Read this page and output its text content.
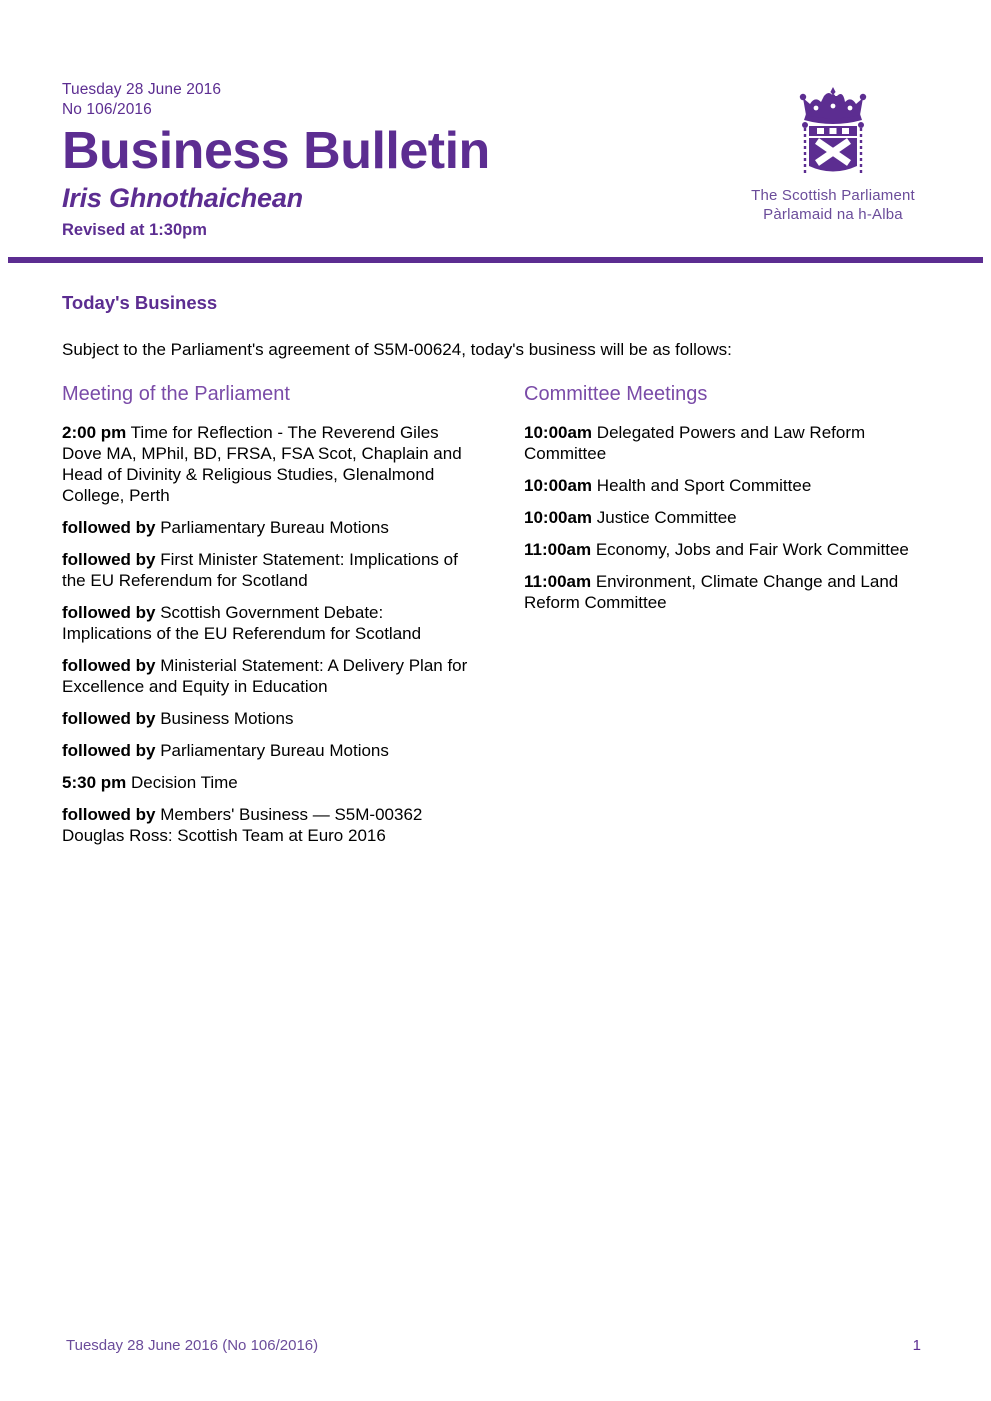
Tuesday 28 June 2016
No 106/2016
Business Bulletin
Iris Ghnothaichean
Revised at 1:30pm
The Scottish Parliament
Pàrlamaid na h-Alba
Today's Business
Subject to the Parliament's agreement of S5M-00624, today's business will be as follows:
Meeting of the Parliament
2:00 pm Time for Reflection - The Reverend Giles Dove MA, MPhil, BD, FRSA, FSA Scot, Chaplain and Head of Divinity & Religious Studies, Glenalmond College, Perth
followed by Parliamentary Bureau Motions
followed by First Minister Statement: Implications of the EU Referendum for Scotland
followed by Scottish Government Debate: Implications of the EU Referendum for Scotland
followed by Ministerial Statement: A Delivery Plan for Excellence and Equity in Education
followed by Business Motions
followed by Parliamentary Bureau Motions
5:30 pm Decision Time
followed by Members' Business — S5M-00362 Douglas Ross: Scottish Team at Euro 2016
Committee Meetings
10:00am Delegated Powers and Law Reform Committee
10:00am Health and Sport Committee
10:00am Justice Committee
11:00am Economy, Jobs and Fair Work Committee
11:00am Environment, Climate Change and Land Reform Committee
Tuesday 28 June 2016 (No 106/2016)	1
